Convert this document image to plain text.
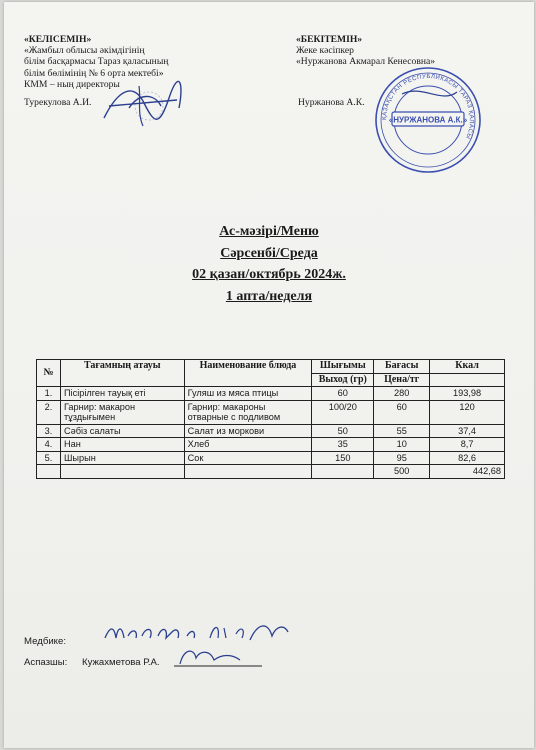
«КЕЛІСЕМІН»
«Жамбыл облысы әкімдігінің
білім басқармасы Тараз қаласының
білім бөлімінің № 6 орта мектебі»
КММ – ның директоры
Турекулова А.И.
«БЕКІТЕМІН»
Жеке кәсіпкер
«Нуржанова Акмарал Кенесовна»
Нуржанова А.К.
ҚАЗАҚСТАН РЕСПУБЛИКАСЫ ТАРАЗ ҚАЛАСЫ
«НУРЖАНОВА А.К.»
Ас-мәзірі/Меню
Сәрсенбі/Среда
02 қазан/октябрь 2024ж.
1 апта/неделя
№	Тағамның атауы	Наименование блюда	Шығымы	Бағасы	Ккал
			Выход (гр)	Цена/тг	
1.	Пісірілген тауық еті	Гуляш из мяса птицы	60	280	193,98
2.	Гарнир: макарон тұздығымен	Гарнир: макароны отварные с подливом	100/20	60	120
3.	Сәбіз салаты	Салат из моркови	50	55	37,4
4.	Нан	Хлеб	35	10	8,7
5.	Шырын	Сок	150	95	82,6
				500	442,68
Медбике:
Аспазшы: Кужахметова Р.А.
